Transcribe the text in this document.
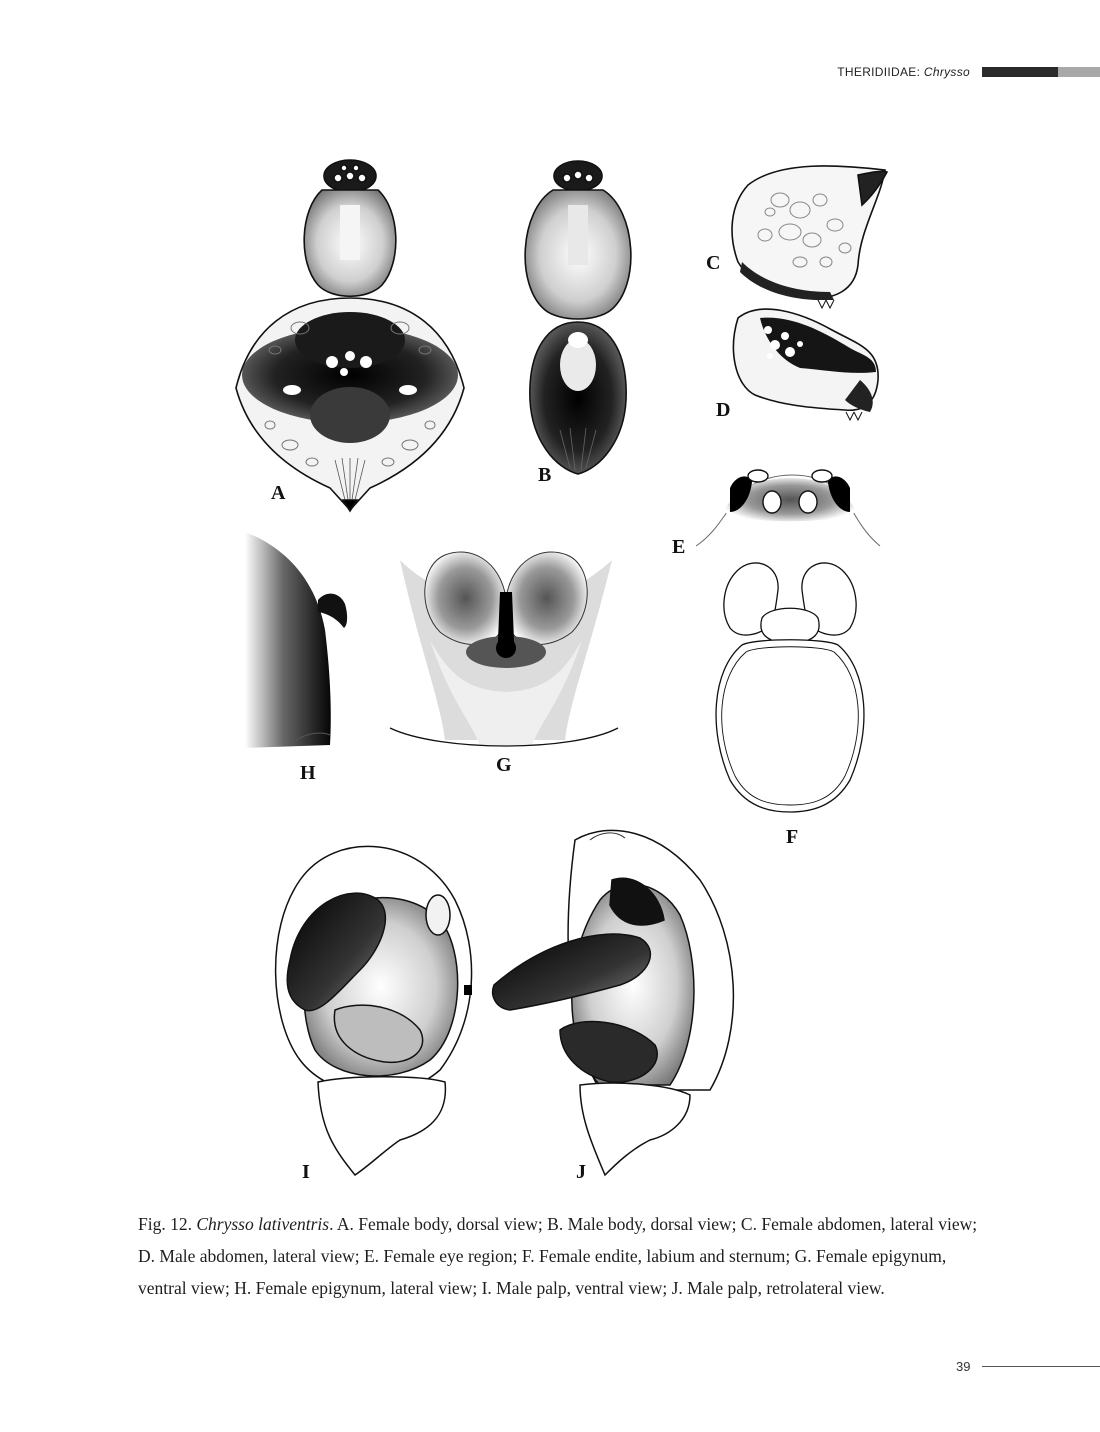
THERIDIIDAE: Chrysso
A
B
C
D
E
F
G
H
I	J
Fig. 12. Chrysso lativentris. A. Female body, dorsal view; B. Male body, dorsal view; C. Female abdomen, lateral view; D. Male abdomen, lateral view; E. Female eye region; F. Female endite, labium and sternum; G. Female epigynum, ventral view; H. Female epigynum, lateral view; I. Male palp, ventral view; J. Male palp, retrolateral view.
39
